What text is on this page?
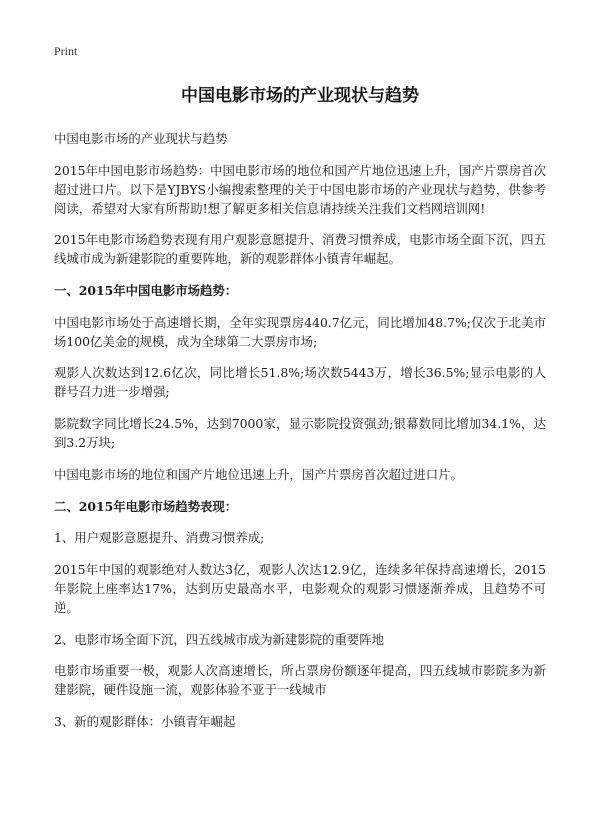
Print
中国电影市场的产业现状与趋势

中国电影市场的产业现状与趋势

2015年中国电影市场趋势：中国电影市场的地位和国产片地位迅速上升，国产片票房首次超过进口片。以下是YJBYS小编搜索整理的关于中国电影市场的产业现状与趋势，供参考阅读，希望对大家有所帮助!想了解更多相关信息请持续关注我们文档网培训网!

2015年电影市场趋势表现有用户观影意愿提升、消费习惯养成，电影市场全面下沉，四五线城市成为新建影院的重要阵地，新的观影群体小镇青年崛起。

一、2015年中国电影市场趋势：

中国电影市场处于高速增长期，全年实现票房440.7亿元，同比增加48.7%;仅次于北美市场100亿美金的规模，成为全球第二大票房市场;

观影人次数达到12.6亿次，同比增长51.8%;场次数5443万，增长36.5%;显示电影的人群号召力进一步增强;

影院数字同比增长24.5%，达到7000家，显示影院投资强劲;银幕数同比增加34.1%，达到3.2万块;

中国电影市场的地位和国产片地位迅速上升，国产片票房首次超过进口片。

二、2015年电影市场趋势表现：

1、用户观影意愿提升、消费习惯养成;

2015年中国的观影绝对人数达3亿，观影人次达12.9亿，连续多年保持高速增长，2015年影院上座率达17%，达到历史最高水平，电影观众的观影习惯逐渐养成，且趋势不可逆。

2、电影市场全面下沉，四五线城市成为新建影院的重要阵地

电影市场重要一极，观影人次高速增长，所占票房份额逐年提高，四五线城市影院多为新建影院，硬件设施一流，观影体验不亚于一线城市

3、新的观影群体：小镇青年崛起
